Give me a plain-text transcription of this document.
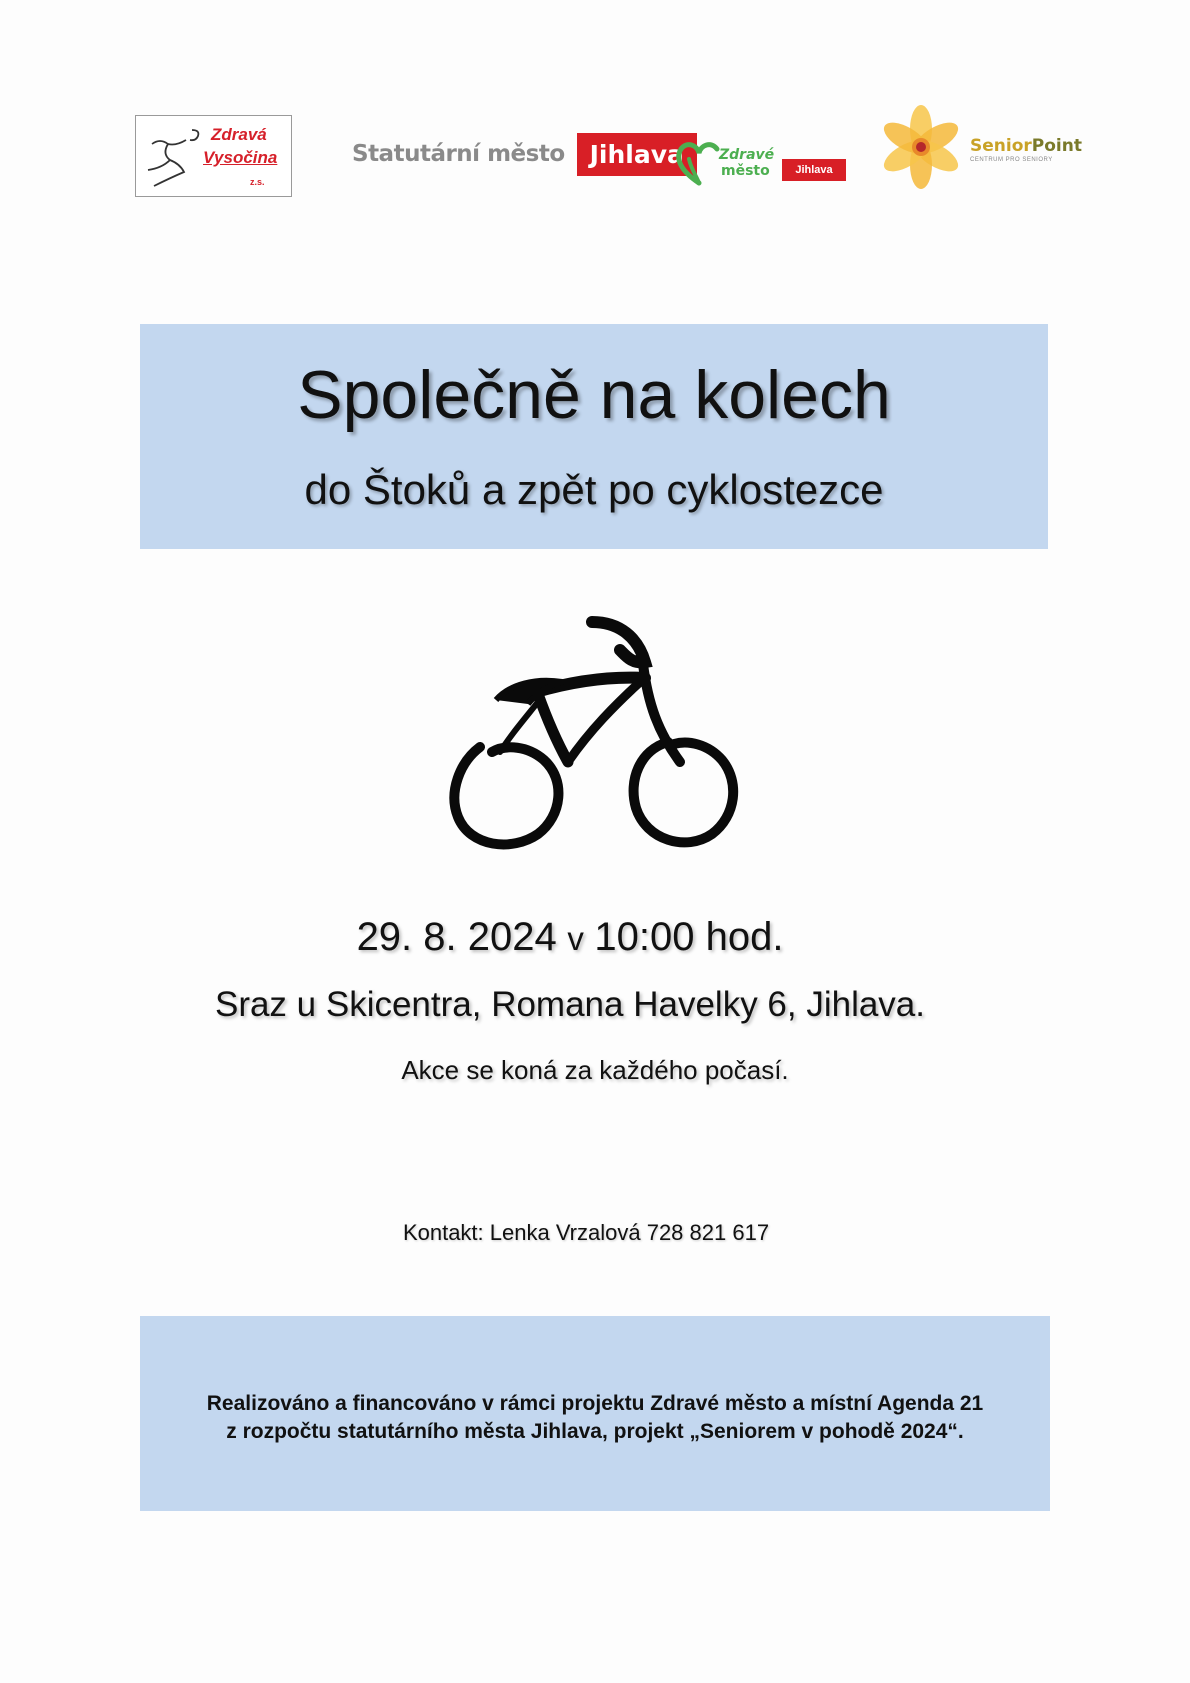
Zdravá
Vysočina
z.s.
Statutární město	Jihlava	Zdravé
město	Jihlava
SeniorPoint
CENTRUM PRO SENIORY
Společně na kolech
do Štoků a zpět po cyklostezce
29. 8. 2024 v 10:00 hod.
Sraz u Skicentra, Romana Havelky 6, Jihlava.
Akce se koná za každého počasí.
Kontakt: Lenka Vrzalová 728 821 617
Realizováno a financováno v rámci projektu Zdravé město a místní Agenda 21
z rozpočtu statutárního města Jihlava, projekt „Seniorem v pohodě 2024“.
